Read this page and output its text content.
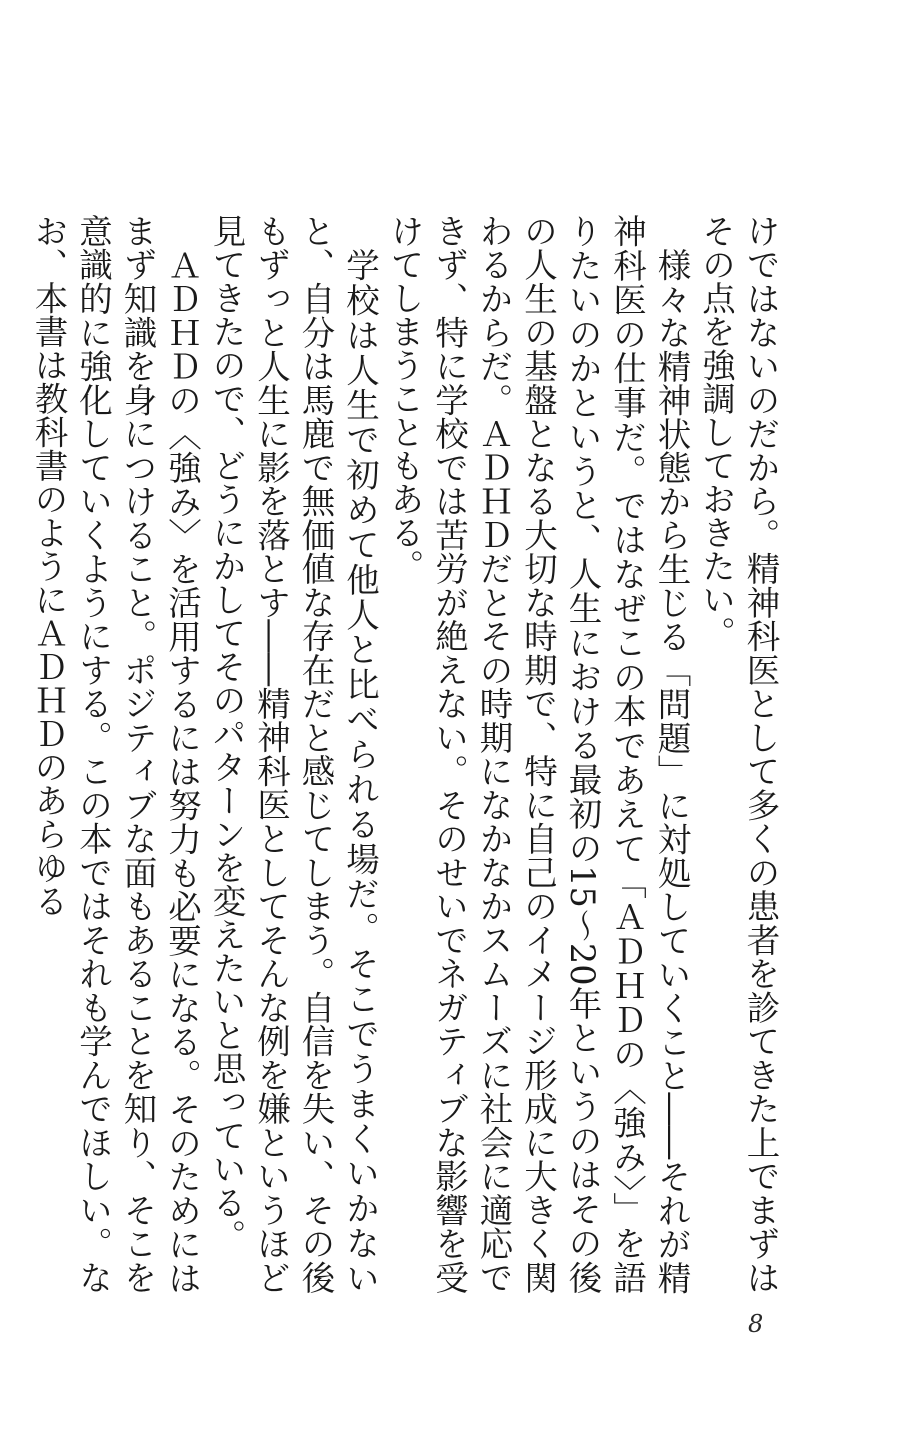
けではないのだから。精神科医として多くの患者を診てきた上でまずはその点を強調しておきたい。

様々な精神状態から生じる「問題」に対処していくこと――それが精神科医の仕事だ。ではなぜこの本であえて「ＡＤＨＤの〈強み〉」を語りたいのかというと、人生における最初の15〜20年というのはその後の人生の基盤となる大切な時期で、特に自己のイメージ形成に大きく関わるからだ。ＡＤＨＤだとその時期になかなかスムーズに社会に適応できず、特に学校では苦労が絶えない。そのせいでネガティブな影響を受けてしまうこともある。

学校は人生で初めて他人と比べられる場だ。そこでうまくいかないと、自分は馬鹿で無価値な存在だと感じてしまう。自信を失い、その後もずっと人生に影を落とす――精神科医としてそんな例を嫌というほど見てきたので、どうにかしてそのパターンを変えたいと思っている。

ＡＤＨＤの〈強み〉を活用するには努力も必要になる。そのためにはまず知識を身につけること。ポジティブな面もあることを知り、そこを意識的に強化していくようにする。この本ではそれも学んでほしい。なお、本書は教科書のようにＡＤＨＤのあらゆる

8
